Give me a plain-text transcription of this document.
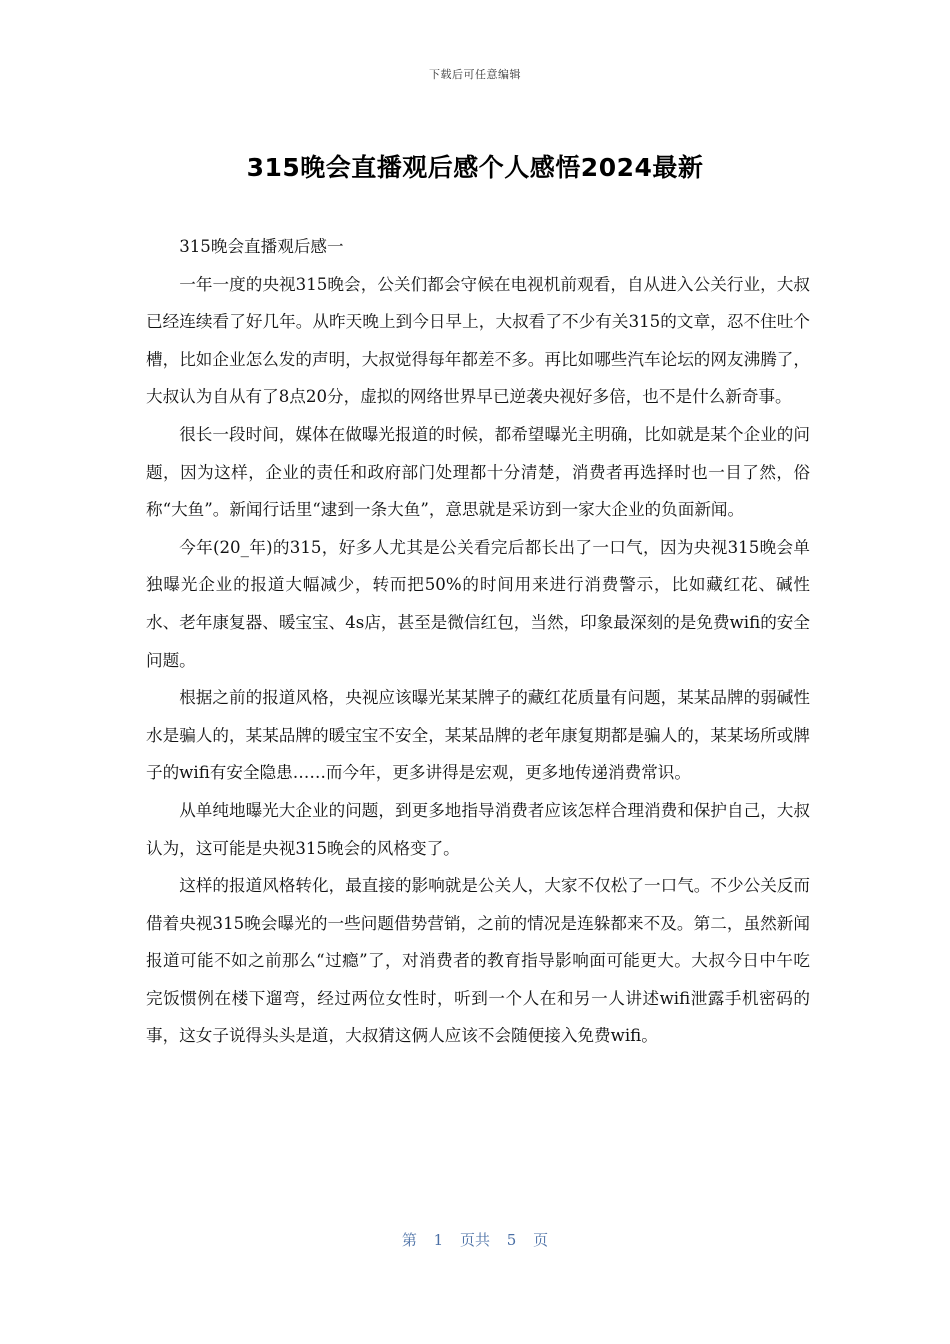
下载后可任意编辑
315晚会直播观后感个人感悟2024最新

315晚会直播观后感一

一年一度的央视315晚会，公关们都会守候在电视机前观看，自从进入公关行业，大叔已经连续看了好几年。从昨天晚上到今日早上，大叔看了不少有关315的文章，忍不住吐个槽，比如企业怎么发的声明，大叔觉得每年都差不多。再比如哪些汽车论坛的网友沸腾了，大叔认为自从有了8点20分，虚拟的网络世界早已逆袭央视好多倍，也不是什么新奇事。

很长一段时间，媒体在做曝光报道的时候，都希望曝光主明确，比如就是某个企业的问题，因为这样，企业的责任和政府部门处理都十分清楚，消费者再选择时也一目了然，俗称“大鱼”。新闻行话里“逮到一条大鱼”，意思就是采访到一家大企业的负面新闻。

今年(20_年)的315，好多人尤其是公关看完后都长出了一口气，因为央视315晚会单独曝光企业的报道大幅减少，转而把50%的时间用来进行消费警示，比如藏红花、碱性水、老年康复器、暖宝宝、4s店，甚至是微信红包，当然，印象最深刻的是免费wifi的安全问题。

根据之前的报道风格，央视应该曝光某某牌子的藏红花质量有问题，某某品牌的弱碱性水是骗人的，某某品牌的暖宝宝不安全，某某品牌的老年康复期都是骗人的，某某场所或牌子的wifi有安全隐患……而今年，更多讲得是宏观，更多地传递消费常识。

从单纯地曝光大企业的问题，到更多地指导消费者应该怎样合理消费和保护自己，大叔认为，这可能是央视315晚会的风格变了。

这样的报道风格转化，最直接的影响就是公关人，大家不仅松了一口气。不少公关反而借着央视315晚会曝光的一些问题借势营销，之前的情况是连躲都来不及。第二，虽然新闻报道可能不如之前那么“过瘾”了，对消费者的教育指导影响面可能更大。大叔今日中午吃完饭惯例在楼下遛弯，经过两位女性时，听到一个人在和另一人讲述wifi泄露手机密码的事，这女子说得头头是道，大叔猜这俩人应该不会随便接入免费wifi。

第 1 页共 5 页
